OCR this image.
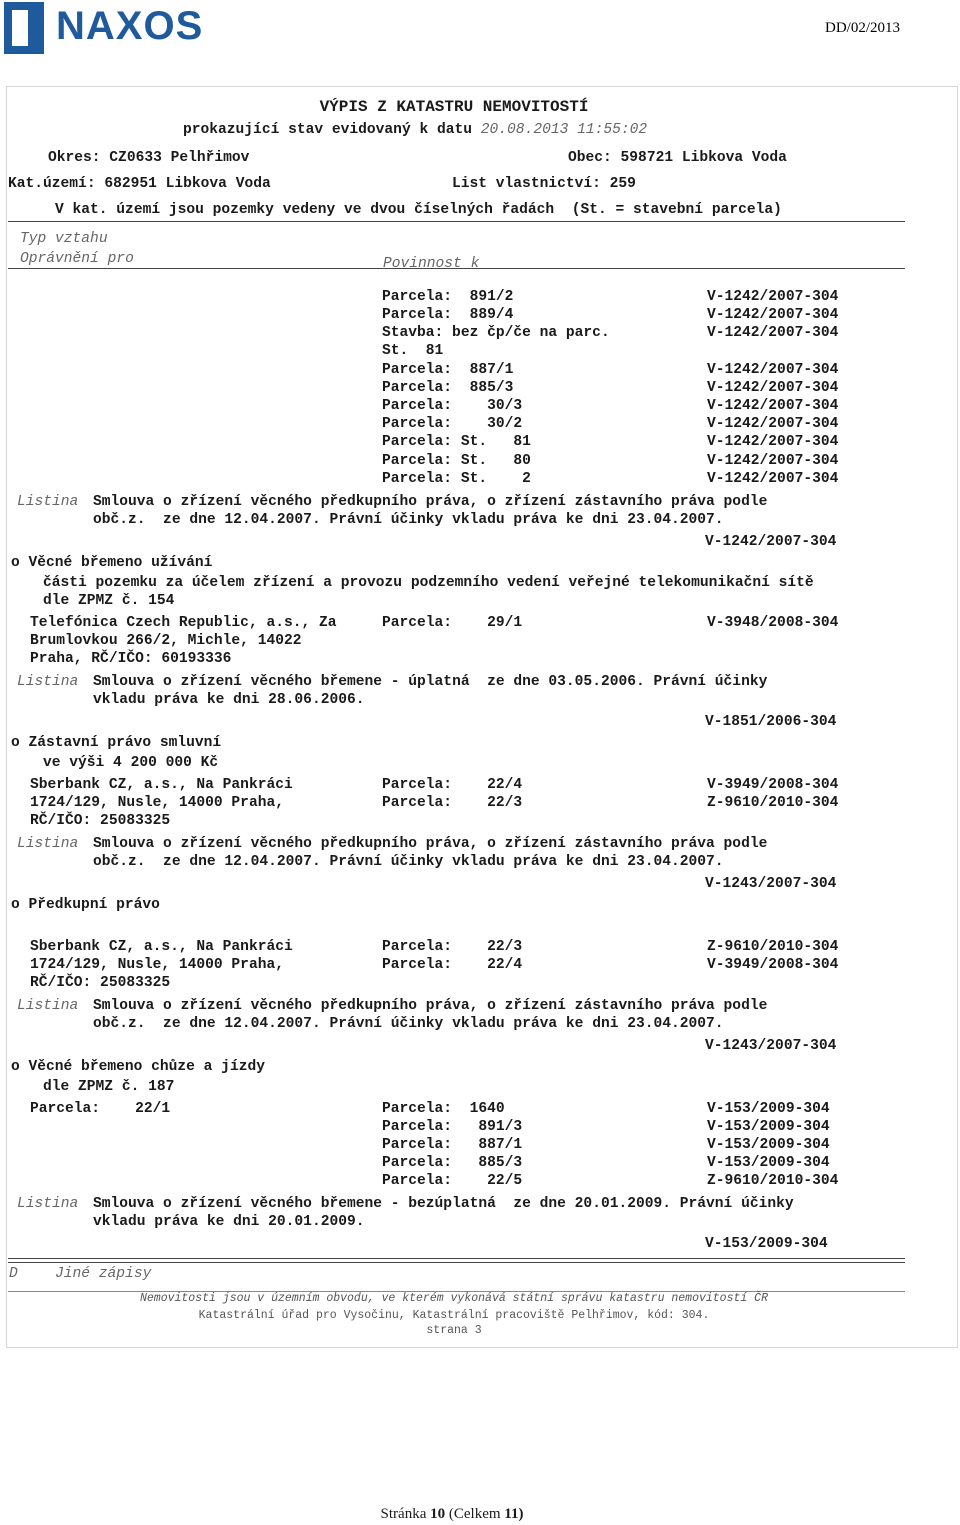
NAXOS	DD/02/2013
VÝPIS Z KATASTRU NEMOVITOSTÍ
prokazující stav evidovaný k datu 20.08.2013 11:55:02
Okres: CZ0633 Pelhřimov	Obec: 598721 Libkova Voda
Kat.území: 682951 Libkova Voda	List vlastnictví: 259
V kat. území jsou pozemky vedeny ve dvou číselných řadách  (St. = stavební parcela)
Typ vztahu
Oprávnění pro	Povinnost k
Parcela:  891/2	V-1242/2007-304
Parcela:  889/4	V-1242/2007-304
Stavba: bez čp/če na parc.	V-1242/2007-304
St.  81
Parcela:  887/1	V-1242/2007-304
Parcela:  885/3	V-1242/2007-304
Parcela:    30/3	V-1242/2007-304
Parcela:    30/2	V-1242/2007-304
Parcela: St.   81	V-1242/2007-304
Parcela: St.   80	V-1242/2007-304
Parcela: St.    2	V-1242/2007-304
Listina Smlouva o zřízení věcného předkupního práva, o zřízení zástavního práva podle
obč.z.  ze dne 12.04.2007. Právní účinky vkladu práva ke dni 23.04.2007.
V-1242/2007-304
o Věcné břemeno užívání
části pozemku za účelem zřízení a provozu podzemního vedení veřejné telekomunikační sítě
dle ZPMZ č. 154
Telefónica Czech Republic, a.s., Za
Brumlovkou 266/2, Michle, 14022
Praha, RČ/IČO: 60193336
Parcela:    29/1	V-3948/2008-304
Listina Smlouva o zřízení věcného břemene - úplatná  ze dne 03.05.2006. Právní účinky
vkladu práva ke dni 28.06.2006.
V-1851/2006-304
o Zástavní právo smluvní
ve výši 4 200 000 Kč
Sberbank CZ, a.s., Na Pankráci
1724/129, Nusle, 14000 Praha,
RČ/IČO: 25083325
Parcela:    22/4	V-3949/2008-304
Parcela:    22/3	Z-9610/2010-304
Listina Smlouva o zřízení věcného předkupního práva, o zřízení zástavního práva podle
obč.z.  ze dne 12.04.2007. Právní účinky vkladu práva ke dni 23.04.2007.
V-1243/2007-304
o Předkupní právo
Sberbank CZ, a.s., Na Pankráci
1724/129, Nusle, 14000 Praha,
RČ/IČO: 25083325
Parcela:    22/3	Z-9610/2010-304
Parcela:    22/4	V-3949/2008-304
Listina Smlouva o zřízení věcného předkupního práva, o zřízení zástavního práva podle
obč.z.  ze dne 12.04.2007. Právní účinky vkladu práva ke dni 23.04.2007.
V-1243/2007-304
o Věcné břemeno chůze a jízdy
dle ZPMZ č. 187
Parcela:    22/1	Parcela:  1640	V-153/2009-304
Parcela:   891/3	V-153/2009-304
Parcela:   887/1	V-153/2009-304
Parcela:   885/3	V-153/2009-304
Parcela:    22/5	Z-9610/2010-304
Listina Smlouva o zřízení věcného břemene - bezúplatná  ze dne 20.01.2009. Právní účinky
vkladu práva ke dni 20.01.2009.
V-153/2009-304
D	Jiné zápisy
Nemovitosti jsou v územním obvodu, ve kterém vykonává státní správu katastru nemovitostí ČR
Katastrální úřad pro Vysočinu, Katastrální pracoviště Pelhřimov, kód: 304.
strana 3
Stránka 10 (Celkem 11)
